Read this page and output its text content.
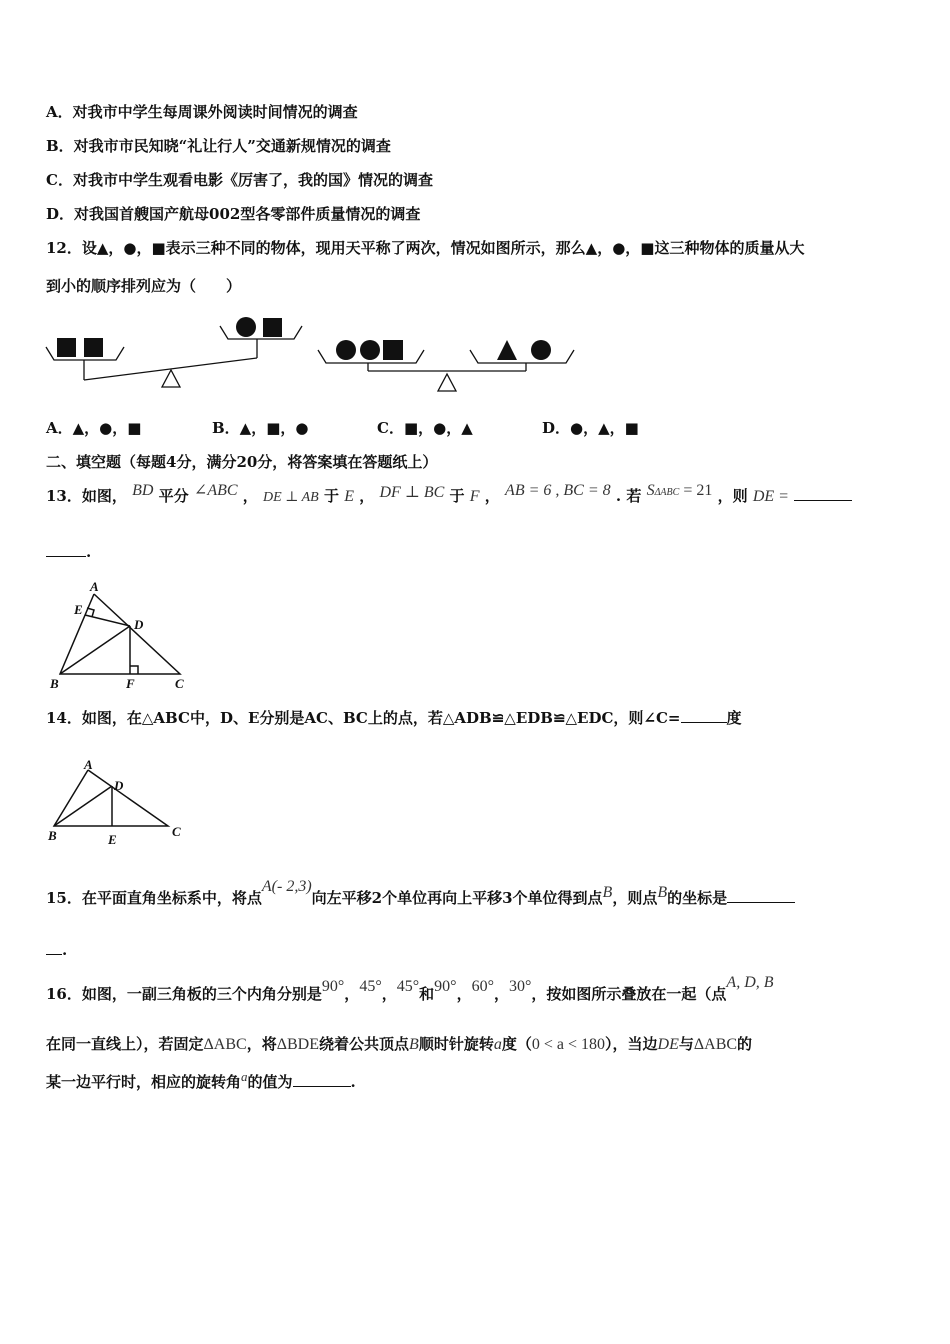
A．对我市中学生每周课外阅读时间情况的调查
B．对我市市民知晓“礼让行人”交通新规情况的调查
C．对我市中学生观看电影《厉害了，我的国》情况的调查
D．对我国首艘国产航母002型各零部件质量情况的调查
12．设▲，●，■表示三种不同的物体，现用天平称了两次，情况如图所示，那么▲，●，■这三种物体的质量从大
到小的顺序排列应为（　　）
A．▲，●，■	B．▲，■，●	C．■，●，▲	D．●，▲，■
二、填空题（每题4分，满分20分，将答案填在答题纸上）
13．如图， BD 平分 ∠ABC ， DE ⊥ AB 于 E ， DF ⊥ BC 于 F ， AB = 6 , BC = 8 . 若 SΔABC = 21 ，则 DE =
.
A
E
D
B	F	C
14．如图，在△ABC中，D、E分别是AC、BC上的点，若△ADB≌△EDB≌△EDC，则∠C=	度
A
D
B	E
C
15．在平面直角坐标系中，将点A(- 2,3)向左平移2个单位再向上平移3个单位得到点B，则点B的坐标是
.
16．如图，一副三角板的三个内角分别是90°，45°，45°和90°，60°，30°，按如图所示叠放在一起（点A, D, B
在同一直线上），若固定ΔABC，将ΔBDE绕着公共顶点B顺时针旋转a度（0 < a < 180），当边DE与ΔABC的
某一边平行时，相应的旋转角a的值为	.
